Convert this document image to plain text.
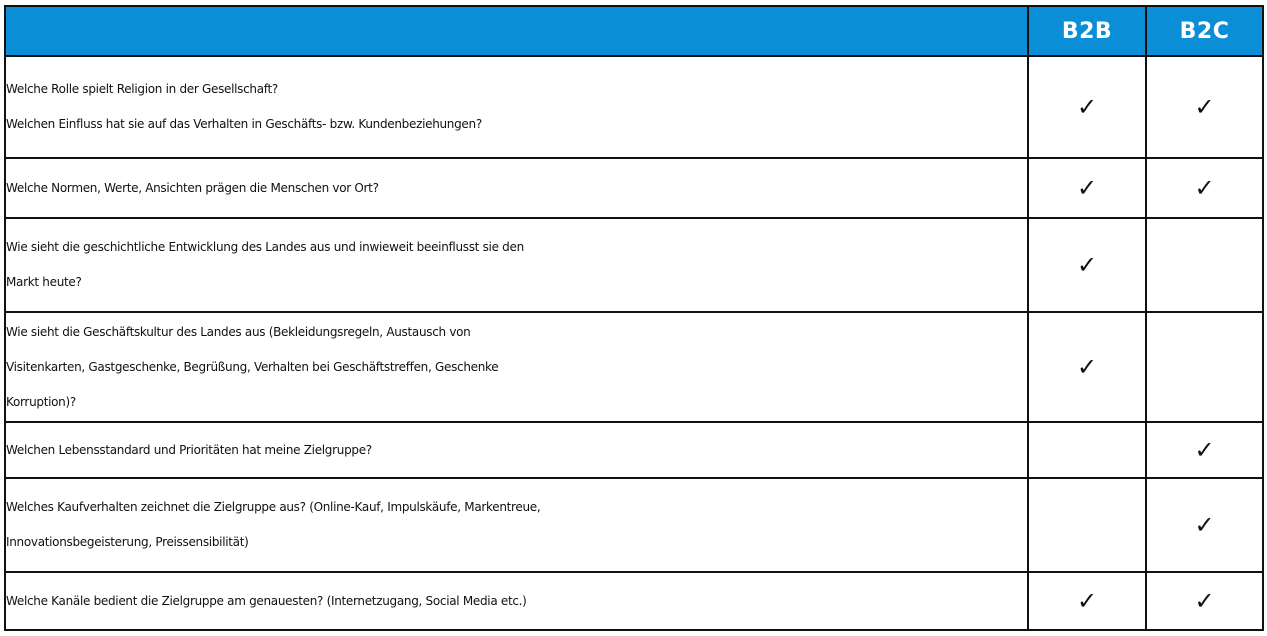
	B2B	B2C

Welche Rolle spielt Religion in der Gesellschaft?
Welchen Einfluss hat sie auf das Verhalten in Geschäfts- bzw. Kundenbeziehungen?	✓	✓

Welche Normen, Werte, Ansichten prägen die Menschen vor Ort?	✓	✓

Wie sieht die geschichtliche Entwicklung des Landes aus und inwieweit beeinflusst sie den
Markt heute?	✓	

Wie sieht die Geschäftskultur des Landes aus (Bekleidungsregeln, Austausch von
Visitenkarten, Gastgeschenke, Begrüßung, Verhalten bei Geschäftstreffen, Geschenke
Korruption)?	✓	

Welchen Lebensstandard und Prioritäten hat meine Zielgruppe?		✓

Welches Kaufverhalten zeichnet die Zielgruppe aus? (Online-Kauf, Impulskäufe, Markentreue,
Innovationsbegeisterung, Preissensibilität)		✓

Welche Kanäle bedient die Zielgruppe am genauesten? (Internetzugang, Social Media etc.)	✓	✓
